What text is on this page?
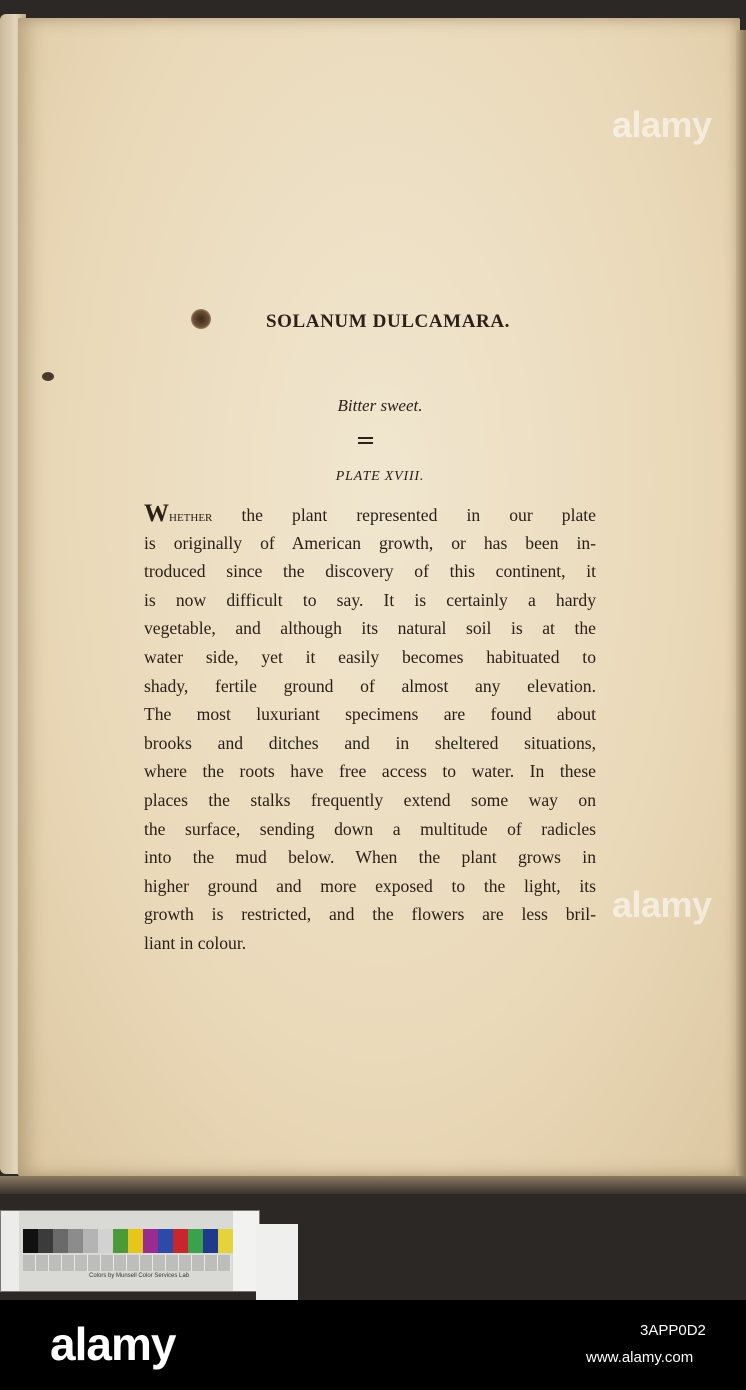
SOLANUM DULCAMARA.
Bitter sweet.
PLATE XVIII.
Whether the plant represented in our plate
is originally of American growth, or has been in-
troduced since the discovery of this continent, it
is now difficult to say. It is certainly a hardy
vegetable, and although its natural soil is at the
water side, yet it easily becomes habituated to
shady, fertile ground of almost any elevation.
The most luxuriant specimens are found about
brooks and ditches and in sheltered situations,
where the roots have free access to water. In these
places the stalks frequently extend some way on
the surface, sending down a multitude of radicles
into the mud below. When the plant grows in
higher ground and more exposed to the light, its
growth is restricted, and the flowers are less bril-
liant in colour.
alamy
alamy
Colors by Munsell Color Services Lab
alamy	3APP0D2
www.alamy.com
